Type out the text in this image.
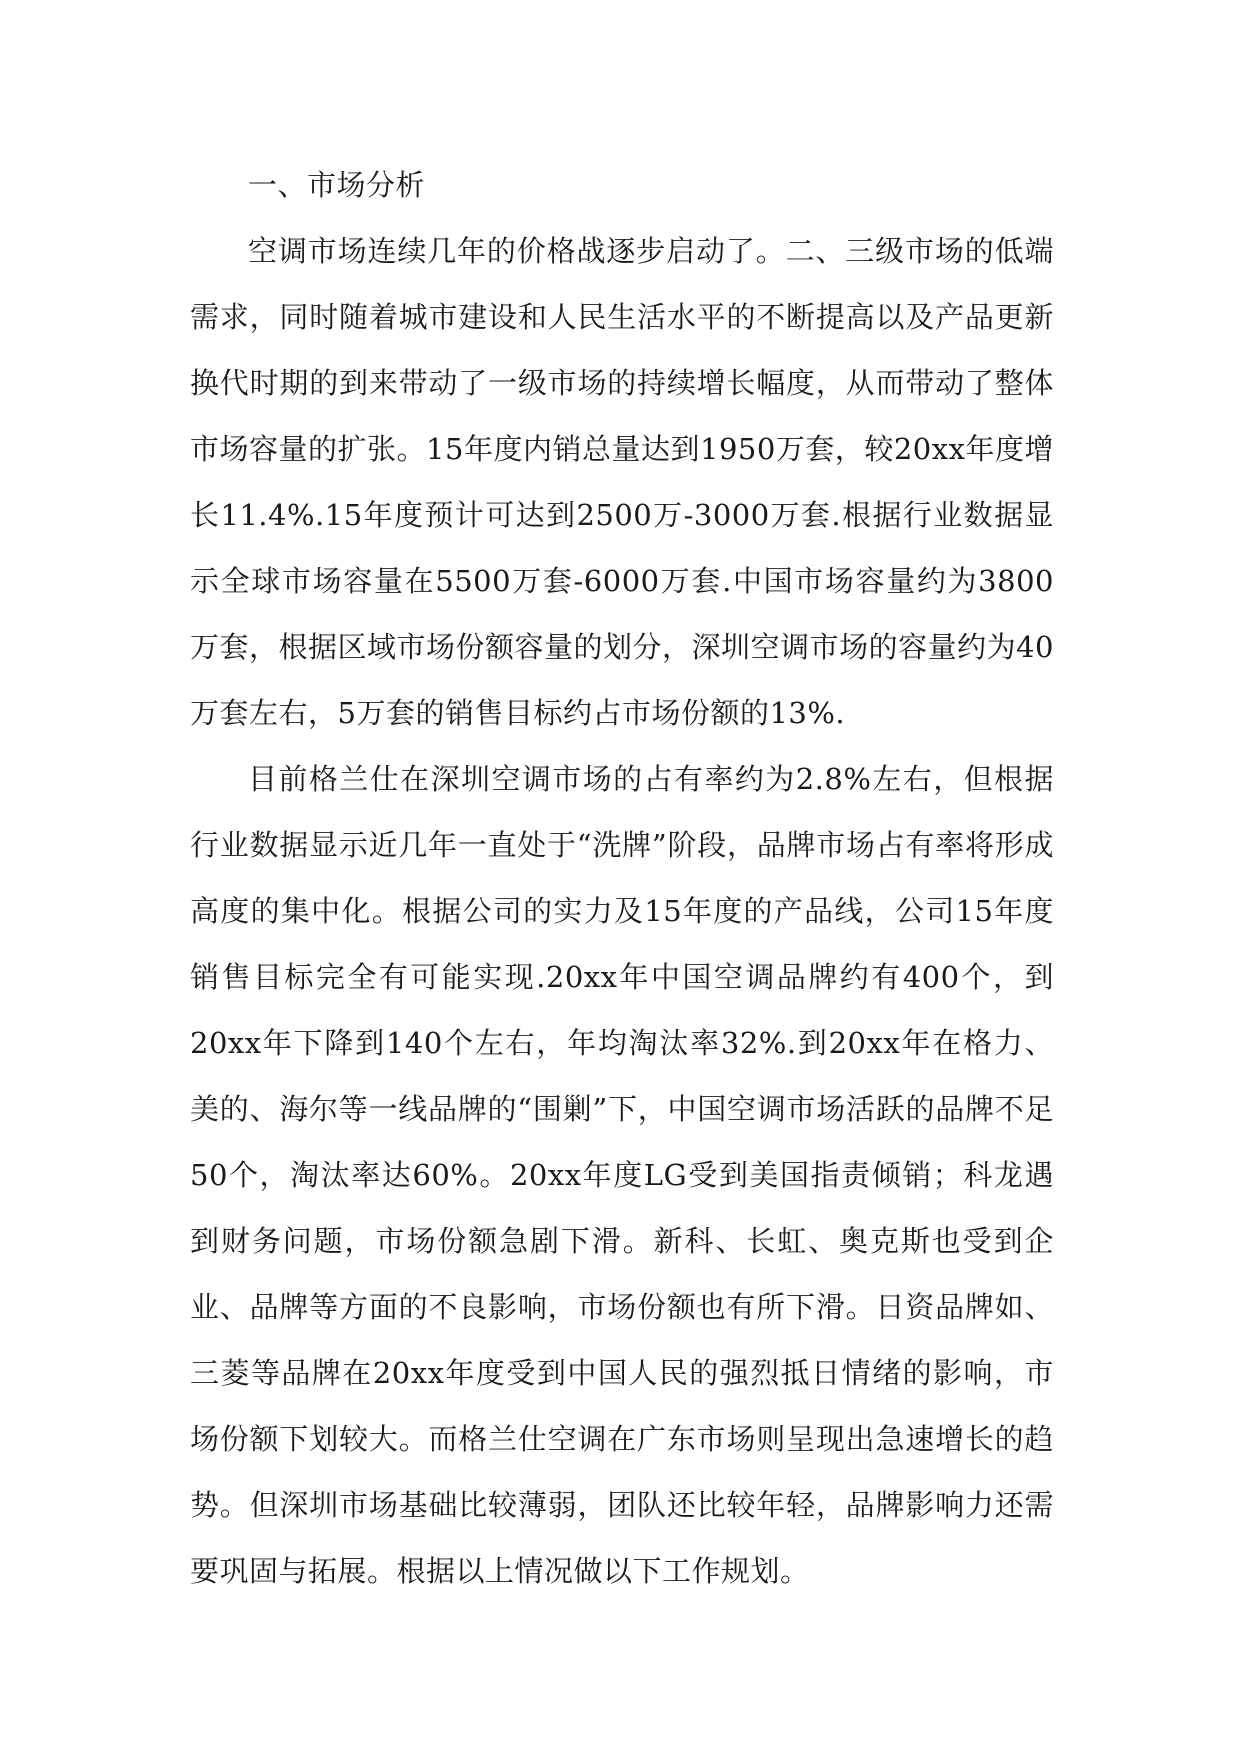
一、市场分析

空调市场连续几年的价格战逐步启动了。二、三级市场的低端需求，同时随着城市建设和人民生活水平的不断提高以及产品更新换代时期的到来带动了一级市场的持续增长幅度，从而带动了整体市场容量的扩张。15年度内销总量达到1950万套，较20xx年度增长11.4%.15年度预计可达到2500万-3000万套.根据行业数据显示全球市场容量在5500万套-6000万套.中国市场容量约为3800万套，根据区域市场份额容量的划分，深圳空调市场的容量约为40万套左右，5万套的销售目标约占市场份额的13%.

目前格兰仕在深圳空调市场的占有率约为2.8%左右，但根据行业数据显示近几年一直处于“洗牌”阶段，品牌市场占有率将形成高度的集中化。根据公司的实力及15年度的产品线，公司15年度销售目标完全有可能实现.20xx年中国空调品牌约有400个，到20xx年下降到140个左右，年均淘汰率32%.到20xx年在格力、美的、海尔等一线品牌的“围剿”下，中国空调市场活跃的品牌不足50个，淘汰率达60%。20xx年度LG受到美国指责倾销；科龙遇到财务问题，市场份额急剧下滑。新科、长虹、奥克斯也受到企业、品牌等方面的不良影响，市场份额也有所下滑。日资品牌如、三菱等品牌在20xx年度受到中国人民的强烈抵日情绪的影响，市场份额下划较大。而格兰仕空调在广东市场则呈现出急速增长的趋势。但深圳市场基础比较薄弱，团队还比较年轻，品牌影响力还需要巩固与拓展。根据以上情况做以下工作规划。
